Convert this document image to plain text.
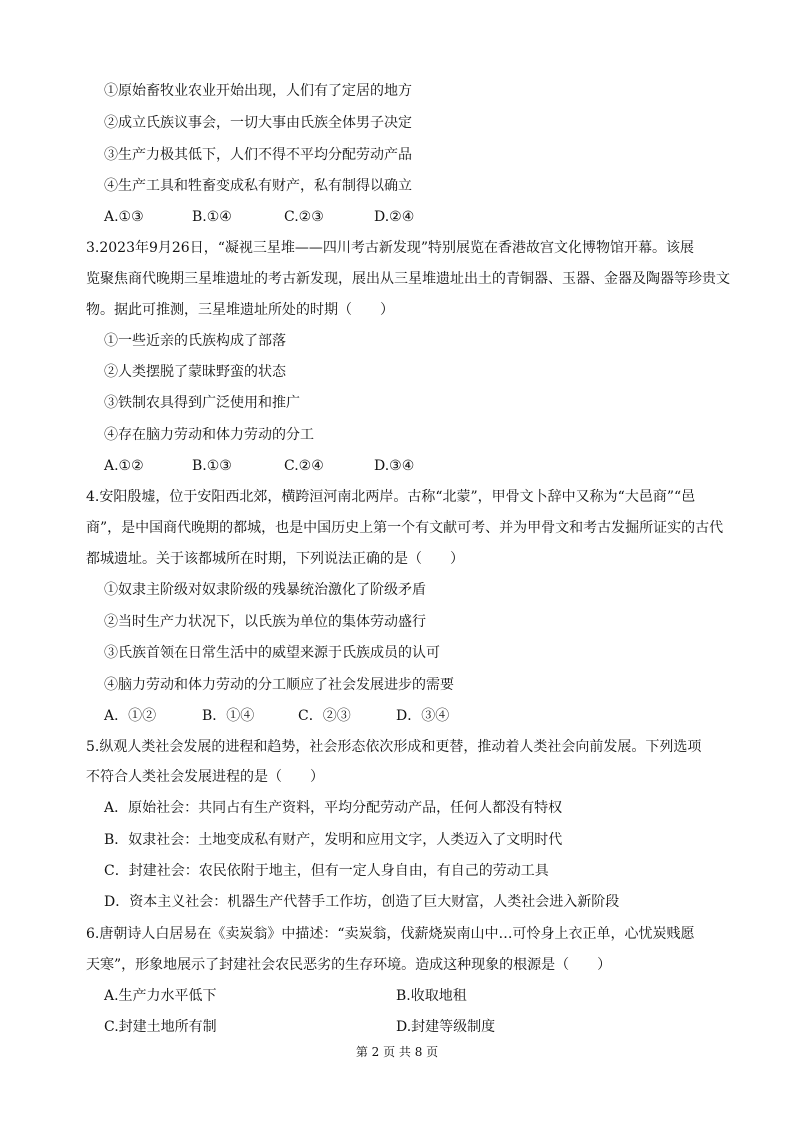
①原始畜牧业农业开始出现，人们有了定居的地方
②成立氏族议事会，一切大事由氏族全体男子决定
③生产力极其低下，人们不得不平均分配劳动产品
④生产工具和牲畜变成私有财产，私有制得以确立
A.①③	B.①④	C.②③	D.②④
3.2023年9月26日，“凝视三星堆——四川考古新发现”特别展览在香港故宫文化博物馆开幕。该展
览聚焦商代晚期三星堆遗址的考古新发现，展出从三星堆遗址出土的青铜器、玉器、金器及陶器等珍贵文
物。据此可推测，三星堆遗址所处的时期（　　）
①一些近亲的氏族构成了部落
②人类摆脱了蒙昧野蛮的状态
③铁制农具得到广泛使用和推广
④存在脑力劳动和体力劳动的分工
A.①②	B.①③	C.②④	D.③④
4.安阳殷墟，位于安阳西北郊，横跨洹河南北两岸。古称“北蒙”，甲骨文卜辞中又称为“大邑商”“邑
商”，是中国商代晚期的都城，也是中国历史上第一个有文献可考、并为甲骨文和考古发掘所证实的古代
都城遗址。关于该都城所在时期，下列说法正确的是（　　）
①奴隶主阶级对奴隶阶级的残暴统治激化了阶级矛盾
②当时生产力状况下，以氏族为单位的集体劳动盛行
③氏族首领在日常生活中的威望来源于氏族成员的认可
④脑力劳动和体力劳动的分工顺应了社会发展进步的需要
A．①②	B．①④	C．②③	D．③④
5.纵观人类社会发展的进程和趋势，社会形态依次形成和更替，推动着人类社会向前发展。下列选项
不符合人类社会发展进程的是（　　）
A．原始社会：共同占有生产资料，平均分配劳动产品，任何人都没有特权
B．奴隶社会：土地变成私有财产，发明和应用文字，人类迈入了文明时代
C．封建社会：农民依附于地主，但有一定人身自由，有自己的劳动工具
D．资本主义社会：机器生产代替手工作坊，创造了巨大财富，人类社会进入新阶段
6.唐朝诗人白居易在《卖炭翁》中描述：“卖炭翁，伐薪烧炭南山中…可怜身上衣正单，心忧炭贱愿
天寒”，形象地展示了封建社会农民恶劣的生存环境。造成这种现象的根源是（　　）
A.生产力水平低下	B.收取地租
C.封建土地所有制	D.封建等级制度
第 2 页 共 8 页
